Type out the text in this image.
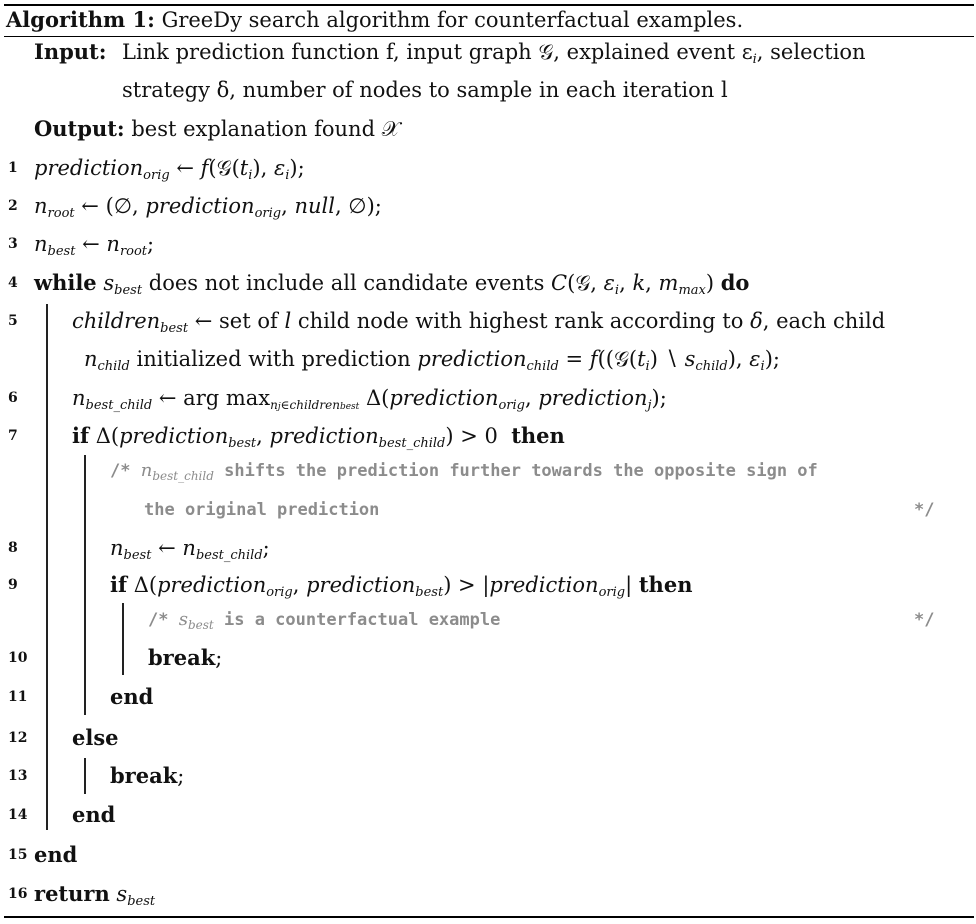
Algorithm 1: GreeDy search algorithm for counterfactual examples.
Input: Link prediction function f, input graph 𝒢, explained event $\varepsilon_i$, selection
strategy δ, number of nodes to sample in each iteration l
Output: best explanation found 𝒳
1
2
3
4
5
6
7
8
9
10
11
12
13
14
15
16
prediction$_{orig}$ ← $f(𝒢(t_i)$, $\varepsilon_i$);
$n_{root}$ ← (∅, prediction$_{orig}$, null, ∅);
$n_{best}$ ← $n_{root}$;
while $s_{best}$ does not include all candidate events C(𝒢, $\varepsilon_i$, k, $m_{max}$) do
children$_{best}$ ← set of l child node with highest rank according to δ, each child
$n_{child}$ initialized with prediction prediction$_{child}$ = $f((𝒢(t_i)$ ∖ $s_{child}$), $\varepsilon_i$);
$n_{best\_child}$ ← arg $\max_{nj\in childrenbest}$ Δ(prediction$_{orig}$, prediction$_j$);
if Δ(prediction$_{best}$, prediction$_{best\_child}$) > 0  then
/* $n_{best\_child}$ shifts the prediction further towards the opposite sign of
the original prediction	*/
$n_{best}$ ← $n_{best\_child}$;
if Δ(prediction$_{orig}$, prediction$_{best}$) > |prediction$_{orig}$| then
/* $s_{best}$ is a counterfactual example	*/
break;
end
else
break;
end
end
return $s_{best}$
